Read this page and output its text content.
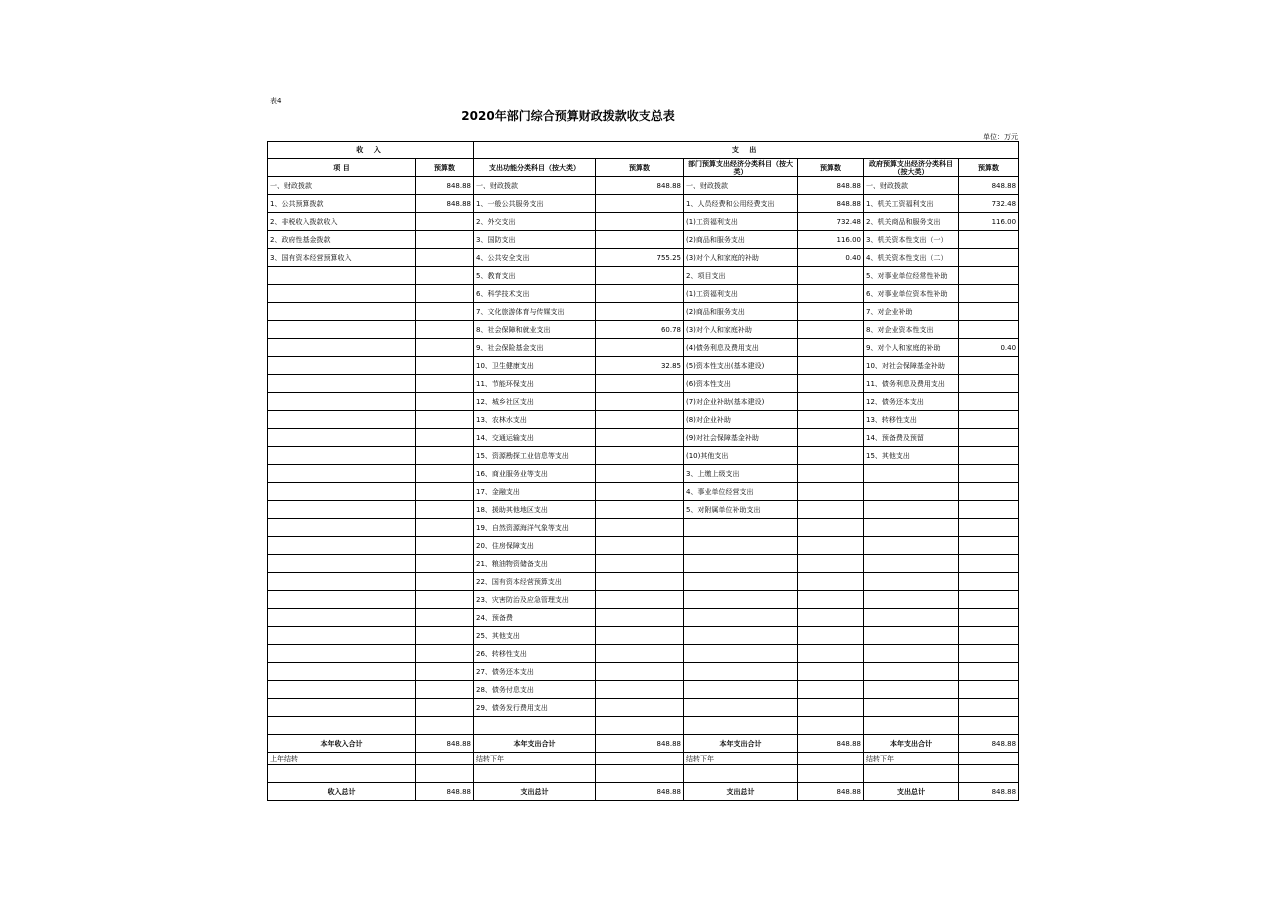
表4
2020年部门综合预算财政拨款收支总表
单位：万元
收 入		支 出					
项 目	预算数	支出功能分类科目（按大类）	预算数	部门预算支出经济分类科目（按大类）	预算数	政府预算支出经济分类科目（按大类）	预算数
一、财政拨款	848.88	一、财政拨款	848.88	一、财政拨款	848.88	一、财政拨款	848.88
1、公共预算拨款	848.88	1、一般公共服务支出		1、人员经费和公用经费支出	848.88	1、机关工资福利支出	732.48
2、非税收入拨款收入		2、外交支出		(1)工资福利支出	732.48	2、机关商品和服务支出	116.00
2、政府性基金拨款		3、国防支出		(2)商品和服务支出	116.00	3、机关资本性支出（一）	
3、国有资本经营预算收入		4、公共安全支出	755.25	(3)对个人和家庭的补助	0.40	4、机关资本性支出（二）	
		5、教育支出		2、项目支出		5、对事业单位经常性补助	
		6、科学技术支出		(1)工资福利支出		6、对事业单位资本性补助	
		7、文化旅游体育与传媒支出		(2)商品和服务支出		7、对企业补助	
		8、社会保障和就业支出	60.78	(3)对个人和家庭补助		8、对企业资本性支出	
		9、社会保险基金支出		(4)债务利息及费用支出		9、对个人和家庭的补助	0.40
		10、卫生健康支出	32.85	(5)资本性支出(基本建设)		10、对社会保障基金补助	
		11、节能环保支出		(6)资本性支出		11、债务利息及费用支出	
		12、城乡社区支出		(7)对企业补助(基本建设)		12、债务还本支出	
		13、农林水支出		(8)对企业补助		13、转移性支出	
		14、交通运输支出		(9)对社会保障基金补助		14、预备费及预留	
		15、资源勘探工业信息等支出		(10)其他支出		15、其他支出	
		16、商业服务业等支出		3、上缴上级支出			
		17、金融支出		4、事业单位经营支出			
		18、援助其他地区支出		5、对附属单位补助支出			
		19、自然资源海洋气象等支出					
		20、住房保障支出					
		21、粮油物资储备支出					
		22、国有资本经营预算支出					
		23、灾害防治及应急管理支出					
		24、预备费					
		25、其他支出					
		26、转移性支出					
		27、债务还本支出					
		28、债务付息支出					
		29、债务发行费用支出					

本年收入合计	848.88	本年支出合计	848.88	本年支出合计	848.88	本年支出合计	848.88
上年结转		结转下年		结转下年		结转下年	

收入总计	848.88	支出总计	848.88	支出总计	848.88	支出总计	848.88
